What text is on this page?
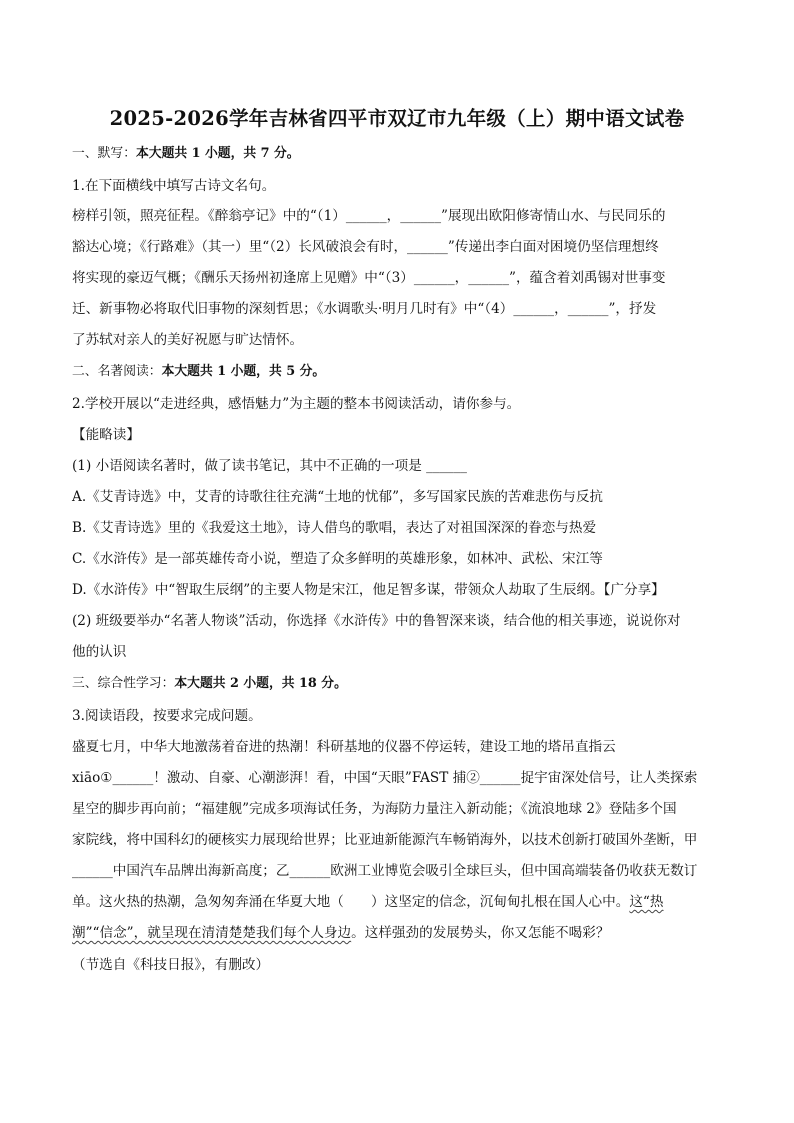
2025-2026学年吉林省四平市双辽市九年级（上）期中语文试卷
一、默写：本大题共 1 小题，共 7 分。
1.在下面横线中填写古诗文名句。
榜样引领，照亮征程。《醉翁亭记》中的“（1）______，______”展现出欧阳修寄情山水、与民同乐的
豁达心境；《行路难》（其一）里“（2）长风破浪会有时，______”传递出李白面对困境仍坚信理想终
将实现的豪迈气概；《酬乐天扬州初逢席上见赠》中“（3）______，______”，蕴含着刘禹锡对世事变
迁、新事物必将取代旧事物的深刻哲思；《水调歌头·明月几时有》中“（4）______，______”，抒发
了苏轼对亲人的美好祝愿与旷达情怀。
二、名著阅读：本大题共 1 小题，共 5 分。
2.学校开展以“走进经典，感悟魅力”为主题的整本书阅读活动，请你参与。
【能略读】
(1) 小语阅读名著时，做了读书笔记，其中不正确的一项是 ______
A.《艾青诗选》中，艾青的诗歌往往充满“土地的忧郁”，多写国家民族的苦难悲伤与反抗
B.《艾青诗选》里的《我爱这土地》，诗人借鸟的歌唱，表达了对祖国深深的眷恋与热爱
C.《水浒传》是一部英雄传奇小说，塑造了众多鲜明的英雄形象，如林冲、武松、宋江等
D.《水浒传》中“智取生辰纲”的主要人物是宋江，他足智多谋，带领众人劫取了生辰纲。【广分享】
(2) 班级要举办“名著人物谈”活动，你选择《水浒传》中的鲁智深来谈，结合他的相关事迹，说说你对
他的认识
三、综合性学习：本大题共 2 小题，共 18 分。
3.阅读语段，按要求完成问题。
盛夏七月，中华大地激荡着奋进的热潮！科研基地的仪器不停运转，建设工地的塔吊直指云
xiāo①______！激动、自豪、心潮澎湃！看，中国“天眼”FAST 捕②______捉宇宙深处信号，让人类探索
星空的脚步再向前；“福建舰”完成多项海试任务，为海防力量注入新动能；《流浪地球 2》登陆多个国
家院线，将中国科幻的硬核实力展现给世界；比亚迪新能源汽车畅销海外，以技术创新打破国外垄断，甲
______中国汽车品牌出海新高度；乙______欧洲工业博览会吸引全球巨头，但中国高端装备仍收获无数订
单。这火热的热潮，急匆匆奔涌在华夏大地（　　）这坚定的信念，沉甸甸扎根在国人心中。这“热
潮”“信念”，就呈现在清清楚楚我们每个人身边。这样强劲的发展势头，你又怎能不喝彩？
（节选自《科技日报》，有删改）
